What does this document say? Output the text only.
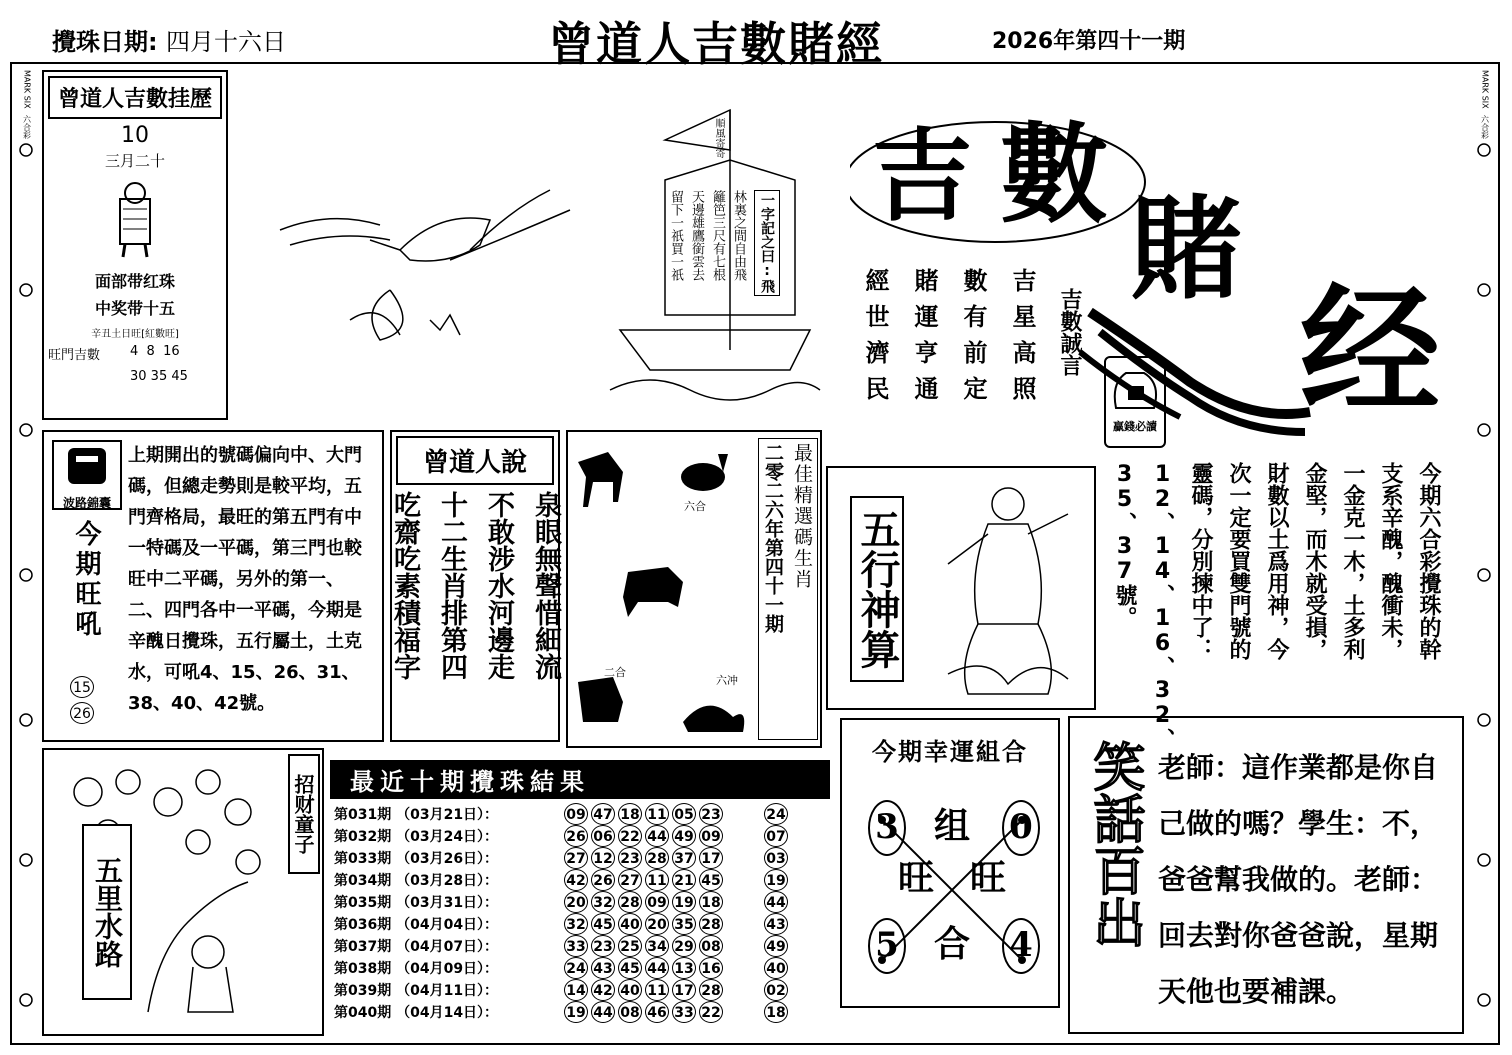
攪珠日期: 四月十六日	曾道人吉數賭經	2026年第四十一期
MARK SIX
六合彩
MARK SIX
六合彩
曾道人吉數挂歷
10
三月二十
面部带红珠
中奖带十五
辛丑土日旺[紅數旺]
旺門吉數	4  8  16
30 35 45
順風寄寄
一字記之曰:飛
林裏之間自由飛
籬笆三尺有七根
天邊雄鷹銜雲去
留下一祇買一祇
吉 數
賭
经
吉數誠言
吉星高照
數有前定
賭運亨通
經世濟民
贏錢必讀
波路錦囊
今期旺吼
15
26
上期開出的號碼偏向中、大門碼，但總走勢則是較平均，五門齊格局，最旺的第五門有中一特碼及一平碼，第三門也較旺中二平碼，另外的第一、二、四門各中一平碼，今期是辛醜日攪珠，五行屬土，土克水，可吼4、15、26、31、38、40、42號。
曾道人說
泉眼無聲惜細流
不敢涉水河邊走
十二生肖排第四
吃齋吃素積福字	六合
二合
六冲
最佳精選碼生肖
二零二六年第四十一期 五行神算	今期六合彩攪珠的幹
支系辛醜，醜衝未，
一金克一木，土多利
金堅，而木就受損，
財數以土爲用神，今
次一定要買雙門號的
靈碼，分別揀中了：
12、14、16、32、
35、37號。
五里水路
招财童子	最近十期攪珠結果
第031期 （03月21日）：	09 47 18 11 05 23	24
第032期 （03月24日）：	26 06 22 44 49 09	07
第033期 （03月26日）：	27 12 23 28 37 17	03
第034期 （03月28日）：	42 26 27 11 21 45	19
第035期 （03月31日）：	20 32 28 09 19 18	44
第036期 （04月04日）：	32 45 40 20 35 28	43
第037期 （04月07日）：	33 23 25 34 29 08	49
第038期 （04月09日）：	24 43 45 44 13 16	40
第039期 （04月11日）：	14 42 40 11 17 28	02
第040期 （04月14日）：	19 44 08 46 33 22	18
今期幸運組合
3	0
5	4
组
旺 旺
合 笑話百出 老師：這作業都是你自
己做的嗎？學生：不，
爸爸幫我做的。老師：
回去對你爸爸說，星期
天他也要補課。
